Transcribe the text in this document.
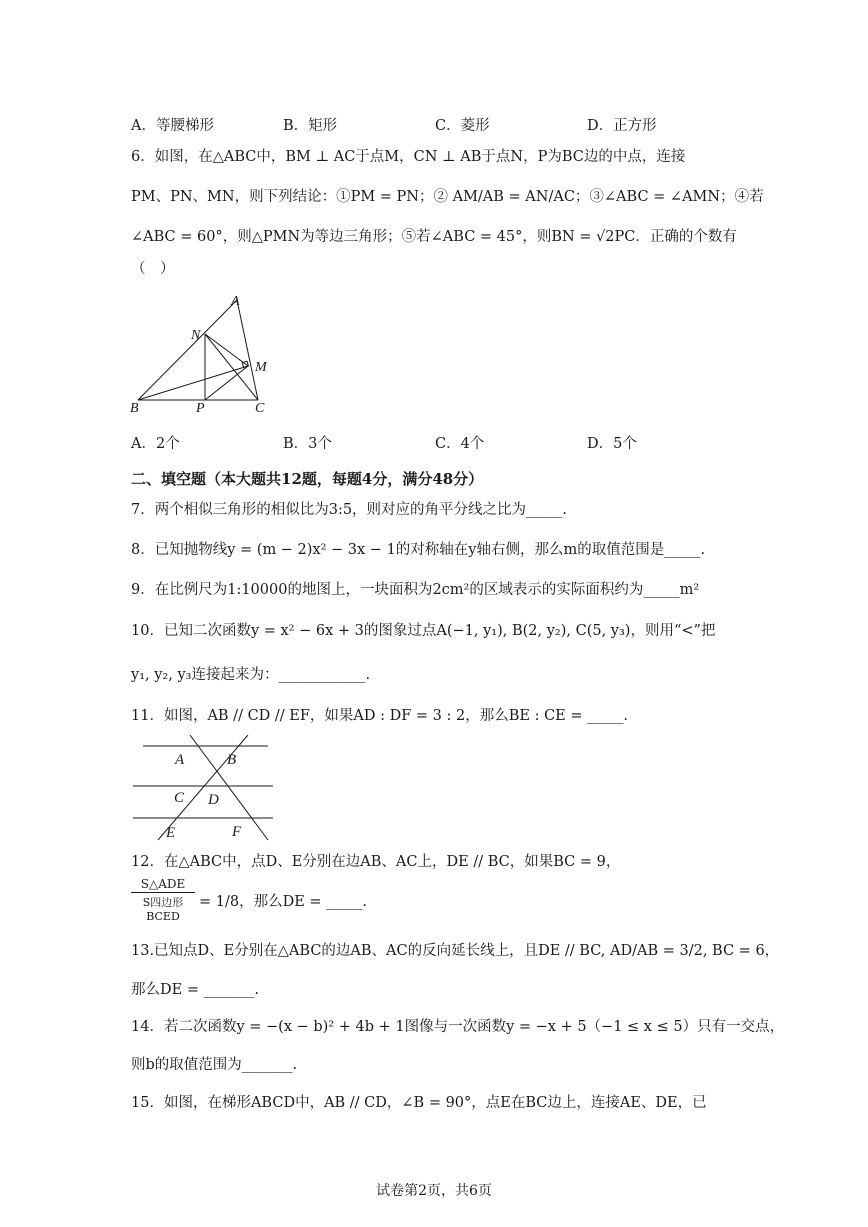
A．等腰梯形	B．矩形	C．菱形	D．正方形
6．如图，在△ABC中，BM ⊥ AC于点M，CN ⊥ AB于点N，P为BC边的中点，连接
PM、PN、MN，则下列结论：①PM = PN；② AM/AB = AN/AC；③∠ABC = ∠AMN；④若
∠ABC = 60°，则△PMN为等边三角形；⑤若∠ABC = 45°，则BN = √2PC．正确的个数有
（　）
A
N
M
B	P	C
A．2个	B．3个	C．4个	D．5个
二、填空题（本大题共12题，每题4分，满分48分）
7．两个相似三角形的相似比为3:5，则对应的角平分线之比为_____.
8．已知抛物线y = (m − 2)x² − 3x − 1的对称轴在y轴右侧，那么m的取值范围是_____.
9．在比例尺为1:10000的地图上，一块面积为2cm²的区域表示的实际面积约为_____m²
10．已知二次函数y = x² − 6x + 3的图象过点A(−1, y₁), B(2, y₂), C(5, y₃)，则用“<”把
y₁, y₂, y₃连接起来为：____________.
11．如图，AB // CD // EF，如果AD : DF = 3 : 2，那么BE : CE = _____.
A	B
C D
E	F
12．在△ABC中，点D、E分别在边AB、AC上，DE // BC，如果BC = 9，
S△ADE
S四边形BCED
= 1/8，那么DE = _____.
13.已知点D、E分别在△ABC的边AB、AC的反向延长线上，且DE // BC, AD/AB = 3/2, BC = 6，
那么DE = _______.
14．若二次函数y = −(x − b)² + 4b + 1图像与一次函数y = −x + 5（−1 ≤ x ≤ 5）只有一交点，
则b的取值范围为_______.
15．如图，在梯形ABCD中，AB // CD，∠B = 90°，点E在BC边上，连接AE、DE，已
试卷第2页，共6页
